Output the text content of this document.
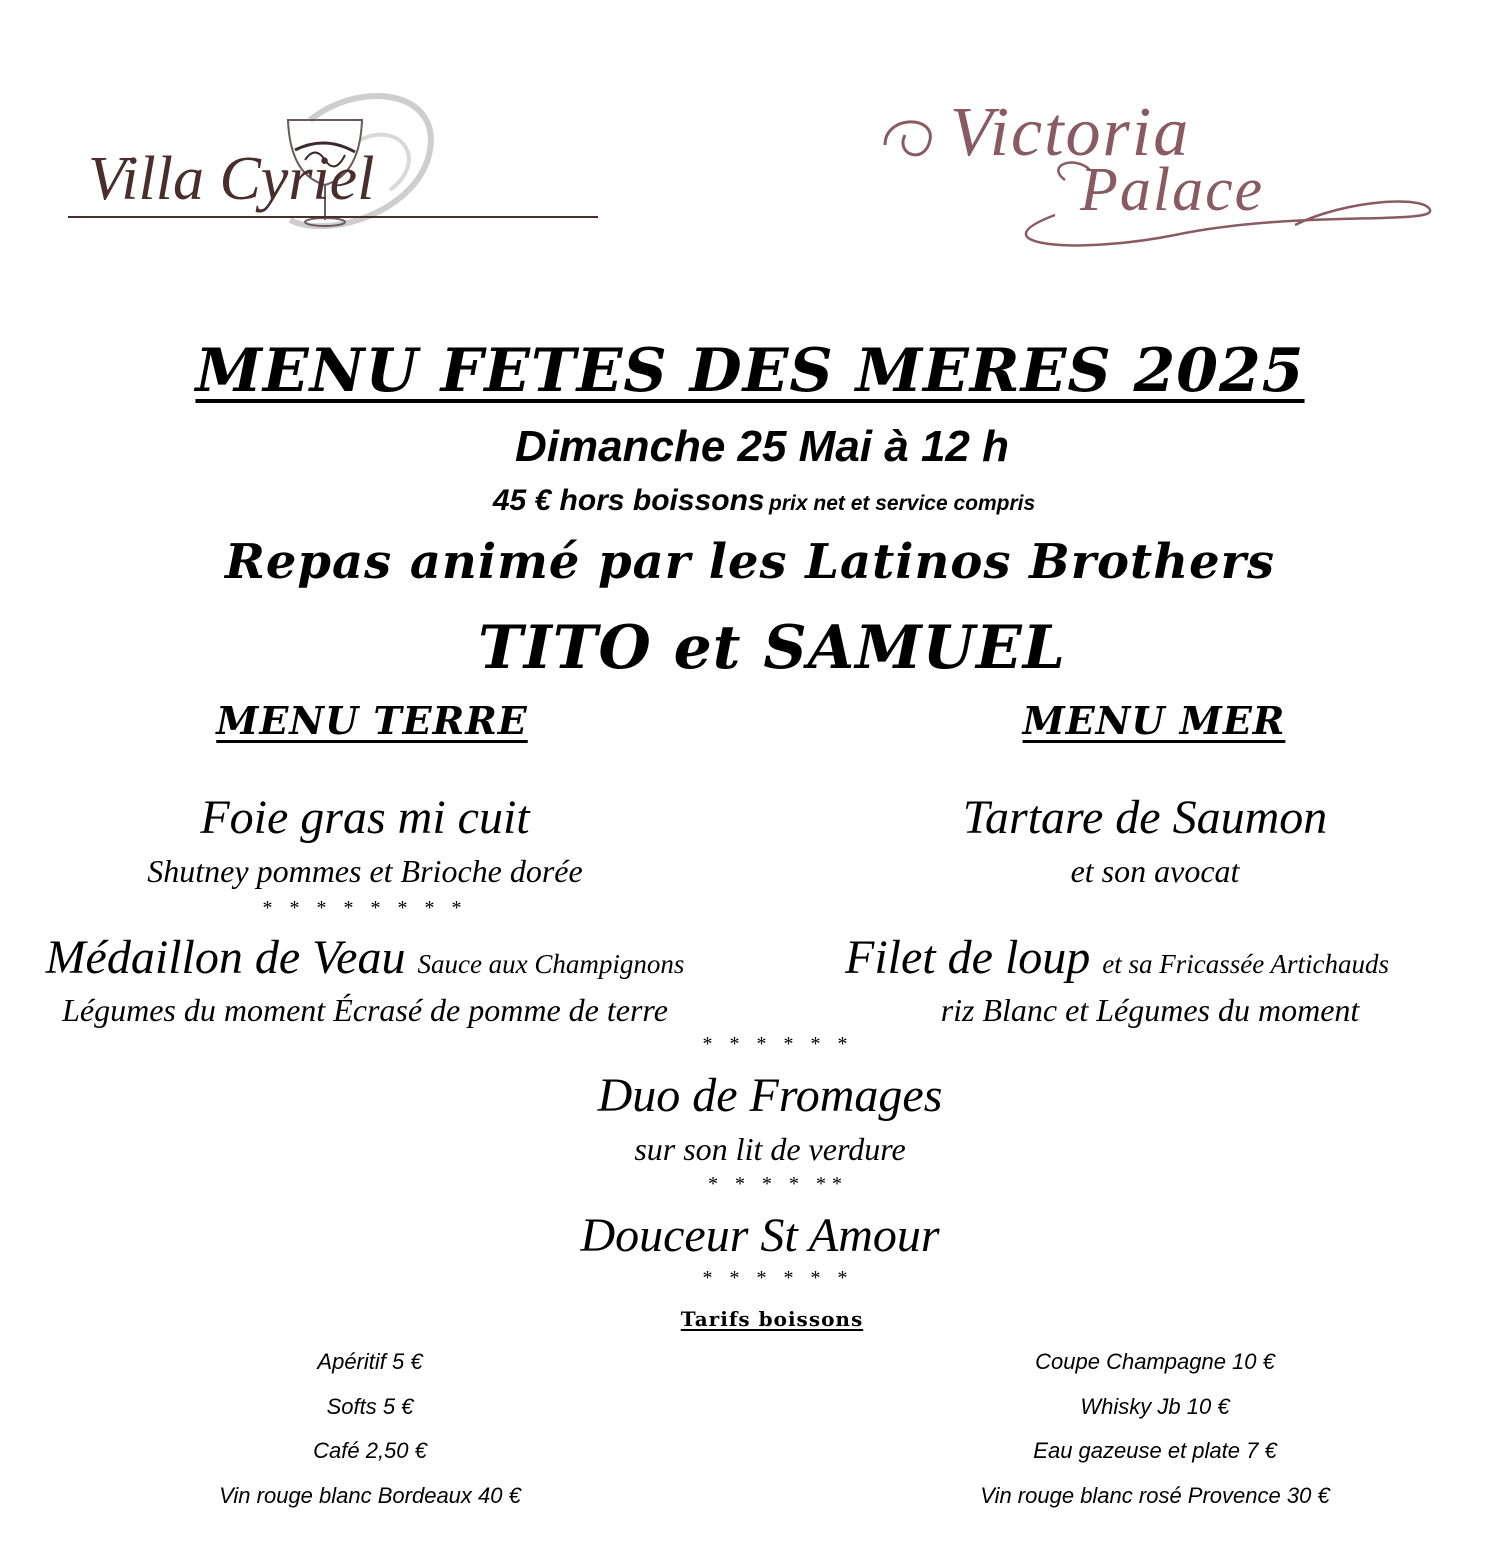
Villa Cyriel
Victoria
Palace
MENU FETES DES MERES 2025
Dimanche 25 Mai à 12 h
45 € hors boissons prix net et service compris
Repas animé par les Latinos Brothers
TITO et SAMUEL
MENU TERRE	MENU MER
Foie gras mi cuit
Shutney pommes et Brioche dorée
* * * * * * * *
Médaillon de Veau Sauce aux Champignons
Légumes du moment Écrasé de pomme de terre
Tartare de Saumon
et son avocat
Filet de loup et sa Fricassée Artichauds
riz Blanc et Légumes du moment
* * * * * *
Duo de Fromages
sur son lit de verdure
* * * * **
Douceur St Amour
* * * * * *
Tarifs boissons
Apéritif 5 €
Softs 5 €
Café 2,50 €
Vin rouge blanc Bordeaux 40 €
Coupe Champagne 10 €
Whisky Jb 10 €
Eau gazeuse et plate 7 €
Vin rouge blanc rosé Provence 30 €
